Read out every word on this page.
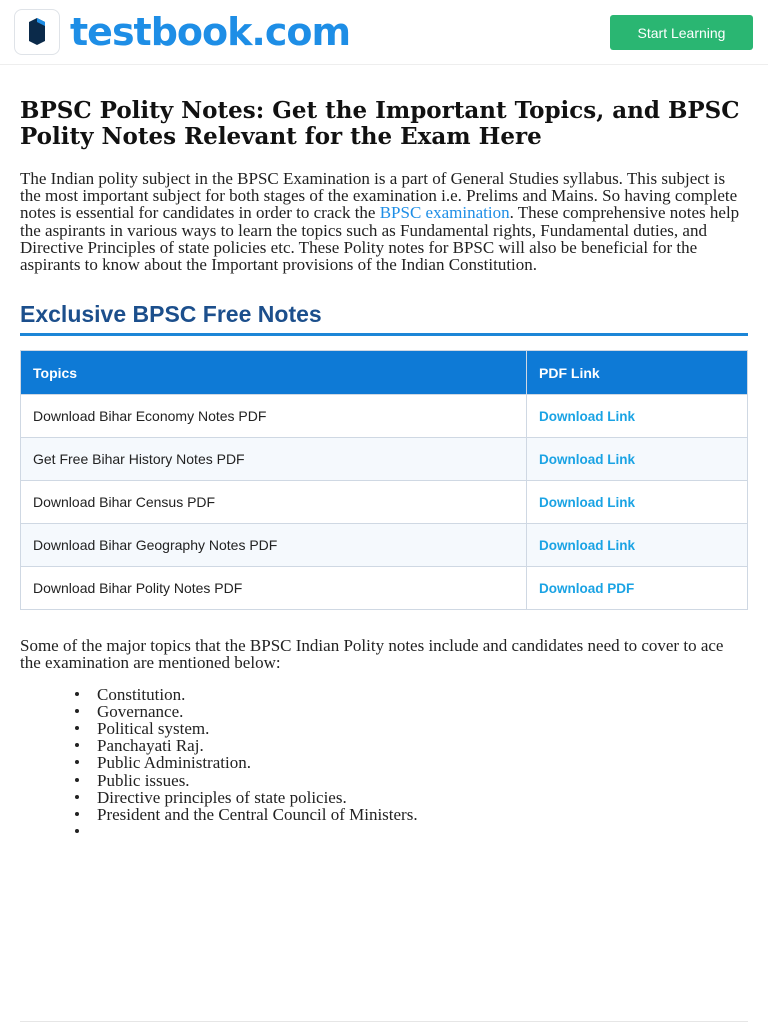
testbook.com	Start Learning
BPSC Polity Notes: Get the Important Topics, and BPSC Polity Notes Relevant for the Exam Here

The Indian polity subject in the BPSC Examination is a part of General Studies syllabus. This subject is the most important subject for both stages of the examination i.e. Prelims and Mains. So having complete notes is essential for candidates in order to crack the BPSC examination. These comprehensive notes help the aspirants in various ways to learn the topics such as Fundamental rights, Fundamental duties, and Directive Principles of state policies etc. These Polity notes for BPSC will also be beneficial for the aspirants to know about the Important provisions of the Indian Constitution.

Exclusive BPSC Free Notes
Topics	PDF Link
Download Bihar Economy Notes PDF	Download Link
Get Free Bihar History Notes PDF	Download Link
Download Bihar Census PDF	Download Link
Download Bihar Geography Notes PDF	Download Link
Download Bihar Polity Notes PDF	Download PDF

Some of the major topics that the BPSC Indian Polity notes include and candidates need to cover to ace the examination are mentioned below:

Constitution.
Governance.
Political system.
Panchayati Raj.
Public Administration.
Public issues.
Directive principles of state policies.
President and the Central Council of Ministers.
